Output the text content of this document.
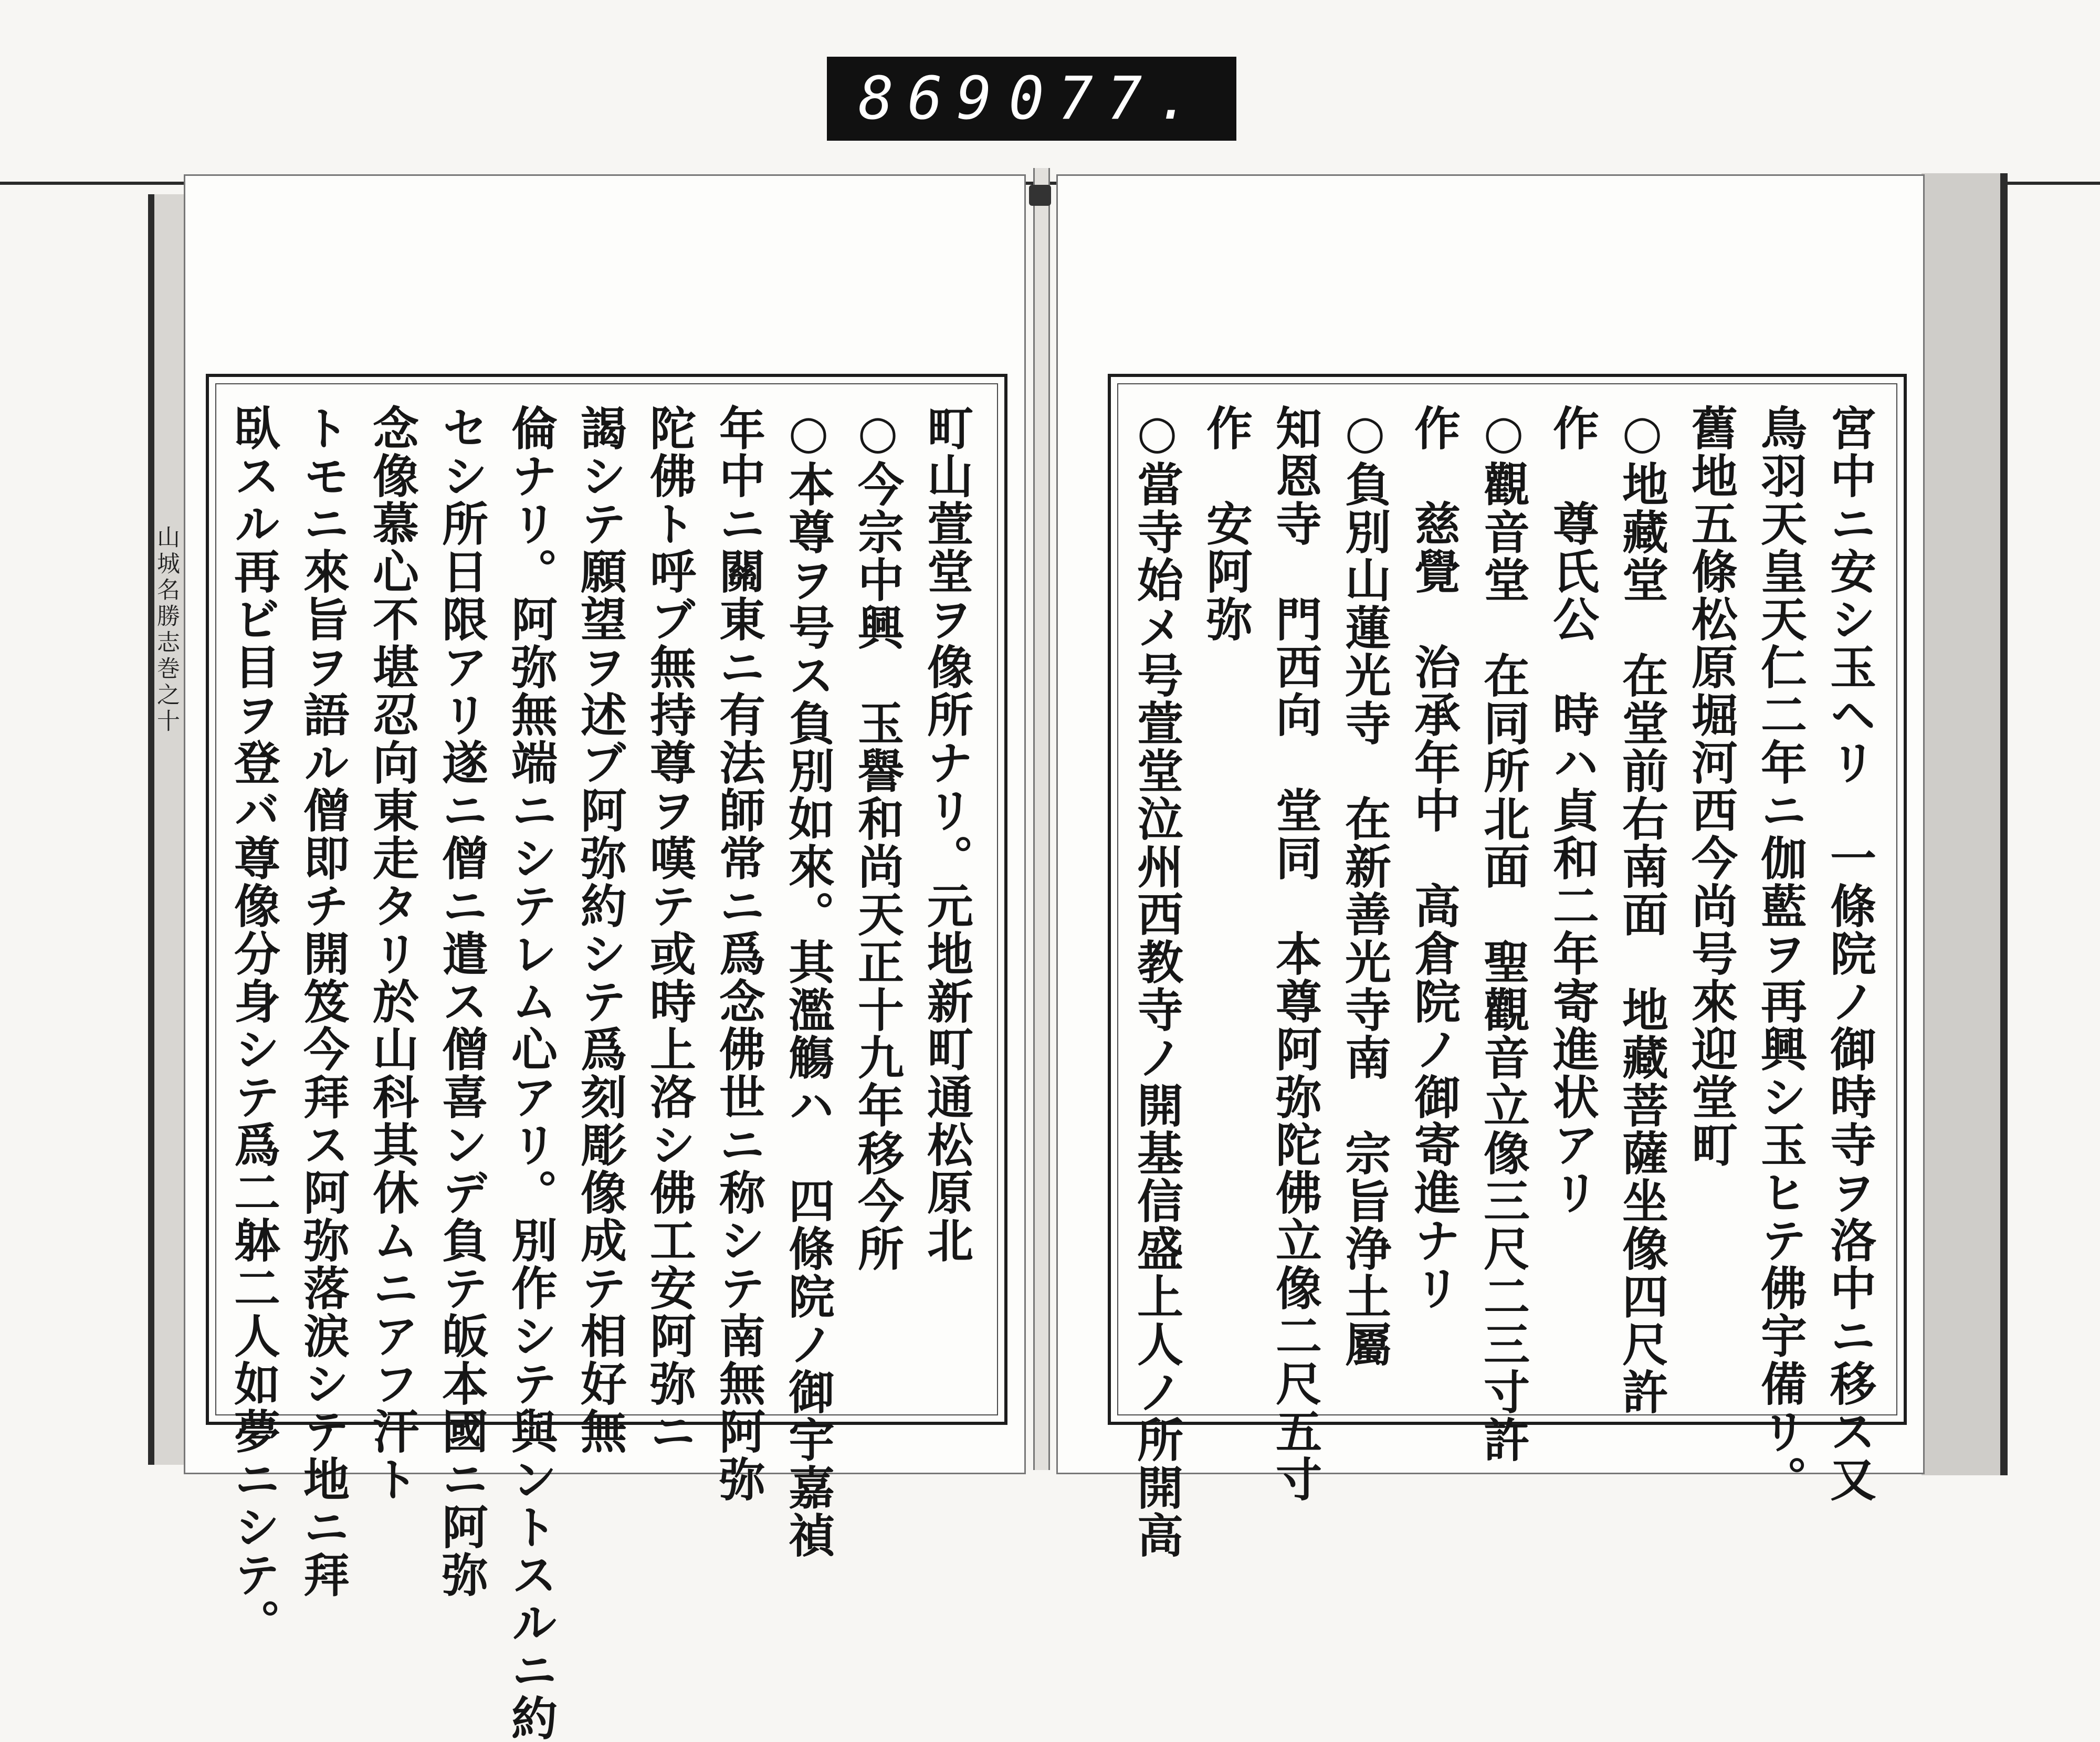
869 077.
山城名勝志巻之十	町山萱堂ヲ像所ナリ。元地新町通松原北
○今宗中興　玉譽和尚天正十九年移今所
○本尊ヲ号ス負別如來。其濫觴ハ　四條院ノ御宇嘉禎
年中ニ關東ニ有法師常ニ爲念佛世ニ称シテ南無阿弥
陀佛ト呼ブ無持尊ヲ嘆テ或時上洛シ佛工安阿弥ニ
謁シテ願望ヲ述ブ阿弥約シテ爲刻彫像成テ相好無
倫ナリ。阿弥無端ニシテレム心アリ。別作シテ與ントスルニ約
セシ所日限アリ遂ニ僧ニ遣ス僧喜ンデ負テ皈本國ニ阿弥
念像慕心不堪忍向東走タリ於山科其休ムニアフ汗ト
トモニ來旨ヲ語ル僧即チ開笈今拜ス阿弥落涙シテ地ニ拜
臥スル再ビ目ヲ登バ尊像分身シテ爲二躰二人如夢ニシテ。	宮中ニ安シ玉ヘリ　一條院ノ御時寺ヲ洛中ニ移ス又
鳥羽天皇天仁二年ニ伽藍ヲ再興シ玉ヒテ佛宇備リ。
舊地五條松原堀河西今尚号來迎堂町
○地藏堂　在堂前右南面　地藏菩薩坐像四尺許
作　尊氏公　時ハ貞和二年寄進状アリ
○觀音堂　在同所北面　聖觀音立像三尺二三寸許
作　慈覺　治承年中　高倉院ノ御寄進ナリ
○負別山蓮光寺　在新善光寺南　宗旨浄土屬
知恩寺　門西向　堂同　本尊阿弥陀佛立像二尺五寸
作　安阿弥
○當寺始メ号萱堂泣州西教寺ノ開基信盛上人ノ所開高
